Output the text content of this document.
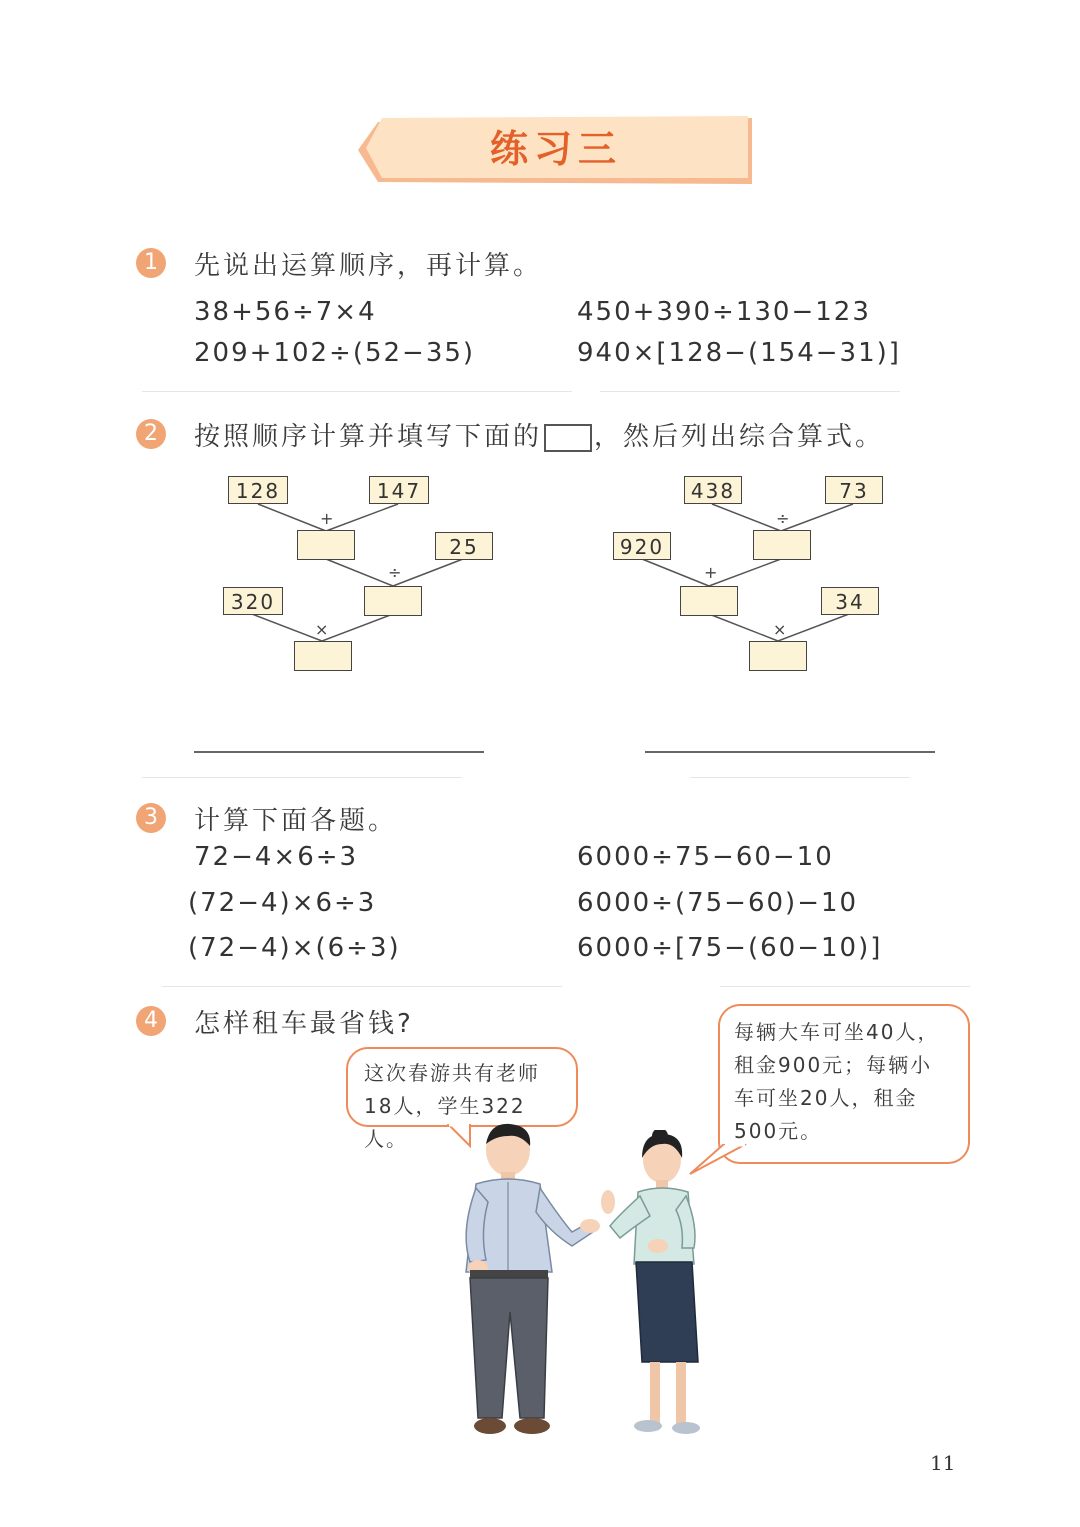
练习三
1	先说出运算顺序，再计算。
38+56÷7×4	450+390÷130−123
209+102÷(52−35)	940×[128−(154−31)]
2	按照顺序计算并填写下面的 ，然后列出综合算式。
128	147
+
25
÷
320
×
438	73
÷
920
+
34
×
3	计算下面各题。
72−4×6÷3	6000÷75−60−10
(72−4)×6÷3	6000÷(75−60)−10
(72−4)×(6÷3)	6000÷[75−(60−10)]
4	怎样租车最省钱?
这次春游共有老师
18人，学生322人。
每辆大车可坐40人，
租金900元；每辆小
车可坐20人，租金
500元。
11
